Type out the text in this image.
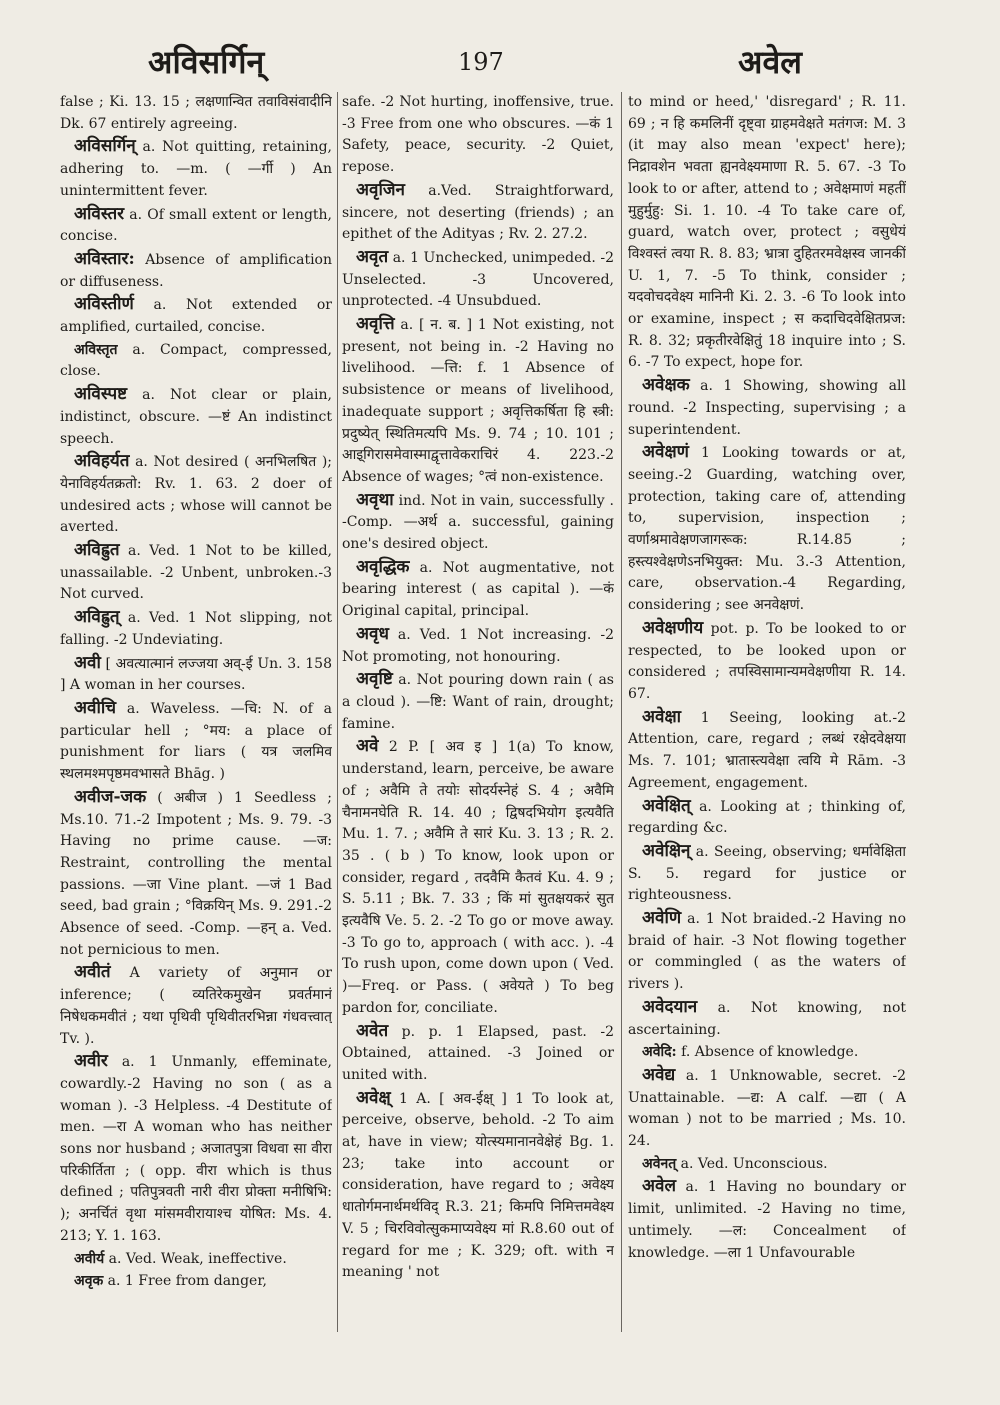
अविसर्गिन्	197	अवेल

false ; Ki. 13. 15 ; लक्षणान्वित तवाविसंवादीनि Dk. 67 entirely agreeing.

अविसर्गिन् a. Not quitting, retaining, adhering to. —m. ( —र्गी ) An unintermittent fever.

अविस्तर a. Of small extent or length, concise.

अविस्तार: Absence of amplification or diffuseness.

अविस्तीर्ण a. Not extended or amplified, curtailed, concise.

अविस्तृत a. Compact, compressed, close.

अविस्पष्ट a. Not clear or plain, indistinct, obscure. —ष्टं An indistinct speech.

अविहर्यत a. Not desired ( अनभिलषित ); येनाविहर्यतक्रतो: Rv. 1. 63. 2 doer of undesired acts ; whose will cannot be averted.

अविह्रुत a. Ved. 1 Not to be killed, unassailable. -2 Unbent, unbroken.-3 Not curved.

अविह्रुत् a. Ved. 1 Not slipping, not falling. -2 Undeviating.

अवी [ अवत्यात्मानं लज्जया अव्-ई Un. 3. 158 ] A woman in her courses.

अवीचि a. Waveless. —चि: N. of a particular hell ; °मय: a place of punishment for liars ( यत्र जलमिव स्थलमश्मपृष्ठमवभासते Bhāg. )

अवीज-जक ( अबीज ) 1 Seedless ; Ms.10. 71.-2 Impotent ; Ms. 9. 79. -3 Having no prime cause. —ज: Restraint, controlling the mental passions. —जा Vine plant. —जं 1 Bad seed, bad grain ; °विक्रयिन् Ms. 9. 291.-2 Absence of seed. -Comp. —हन् a. Ved. not pernicious to men.

अवीतं A variety of अनुमान or inference; ( व्यतिरेकमुखेन प्रवर्तमानं निषेधकमवीतं ; यथा पृथिवी पृथिवीतरभिन्ना गंधवत्त्वात् Tv. ).

अवीर a. 1 Unmanly, effeminate, cowardly.-2 Having no son ( as a woman ). -3 Helpless. -4 Destitute of men. —रा A woman who has neither sons nor husband ; अजातपुत्रा विधवा सा वीरा परिकीर्तिता ; ( opp. वीरा which is thus defined ; पतिपुत्रवती नारी वीरा प्रोक्ता मनीषिभि: ); अनर्चितं वृथा मांसमवीरायाश्च योषित: Ms. 4. 213; Y. 1. 163.

अवीर्य a. Ved. Weak, ineffective.

अवृक a. 1 Free from danger,

safe. -2 Not hurting, inoffensive, true. -3 Free from one who obscures. —कं 1 Safety, peace, security. -2 Quiet, repose.

अवृजिन a.Ved. Straightforward, sincere, not deserting (friends) ; an epithet of the Adityas ; Rv. 2. 27.2.

अवृत a. 1 Unchecked, unimpeded. -2 Unselected. -3 Uncovered, unprotected. -4 Unsubdued.

अवृत्ति a. [ न. ब. ] 1 Not existing, not present, not being in. -2 Having no livelihood. —त्ति: f. 1 Absence of subsistence or means of livelihood, inadequate support ; अवृत्तिकर्षिता हि स्त्री: प्रदुष्येत् स्थितिमत्यपि Ms. 9. 74 ; 10. 101 ; आइ्गिरासमेवास्माद्वृत्तावेकराचिरं 4. 223.-2 Absence of wages; °त्वं non-existence.

अवृथा ind. Not in vain, successfully . -Comp. —अर्थ a. successful, gaining one's desired object.

अवृद्धिक a. Not augmentative, not bearing interest ( as capital ). —कं Original capital, principal.

अवृध a. Ved. 1 Not increasing. -2 Not promoting, not honouring.

अवृष्टि a. Not pouring down rain ( as a cloud ). —ष्टि: Want of rain, drought; famine.

अवे 2 P. [ अव इ ] 1(a) To know, understand, learn, perceive, be aware of ; अवैमि ते तयोः सोदर्यस्नेहं S. 4 ; अवैमि चैनामनघेति R. 14. 40 ; द्विषदभियोग इत्यवैति Mu. 1. 7. ; अवैमि ते सारं Ku. 3. 13 ; R. 2. 35 . ( b ) To know, look upon or consider, regard , तदवैमि कैतवं Ku. 4. 9 ; S. 5.11 ; Bk. 7. 33 ; किं मां सुतक्षयकरं सुत इत्यवैषि Ve. 5. 2. -2 To go or move away. -3 To go to, approach ( with acc. ). -4 To rush upon, come down upon ( Ved. )—Freq. or Pass. ( अवेयते ) To beg pardon for, conciliate.

अवेत p. p. 1 Elapsed, past. -2 Obtained, attained. -3 Joined or united with.

अवेक्ष् 1 A. [ अव-ईक्ष् ] 1 To look at, perceive, observe, behold. -2 To aim at, have in view; योत्स्यमानानवेक्षेहं Bg. 1. 23; take into account or consideration, have regard to ; अवेक्ष्य धातोर्गमनार्थमर्थविद् R.3. 21; किमपि निमित्तमवेक्ष्य V. 5 ; चिरविवोत्सुकमाप्यवेक्ष्य मां R.8.60 out of regard for me ; K. 329; oft. with न meaning ' not

to mind or heed,' 'disregard' ; R. 11. 69 ; न हि कमलिनीं दृष्ट्वा ग्राहमवेक्षते मतंगज: M. 3 (it may also mean 'expect' here); निद्रावशेन भवता ह्यनवेक्ष्यमाणा R. 5. 67. -3 To look to or after, attend to ; अवेक्षमाणं महतीं मुहुर्मुहु: Si. 1. 10. -4 To take care of, guard, watch over, protect ; वसुधेयं विश्वस्तं त्वया R. 8. 83; भ्रात्रा दुहितरमवेक्षस्व जानकीं U. 1, 7. -5 To think, consider ; यदवोचदवेक्ष्य मानिनी Ki. 2. 3. -6 To look into or examine, inspect ; स कदाचिदवेक्षितप्रज: R. 8. 32; प्रकृतीरवेक्षितुं 18 inquire into ; S. 6. -7 To expect, hope for.

अवेक्षक a. 1 Showing, showing all round. -2 Inspecting, supervising ; a superintendent.

अवेक्षणं 1 Looking towards or at, seeing.-2 Guarding, watching over, protection, taking care of, attending to, supervision, inspection ; वर्णाश्रमावेक्षणजागरूक: R.14.85 ; हस्त्यश्वेक्षणेऽनभियुक्त: Mu. 3.-3 Attention, care, observation.-4 Regarding, considering ; see अनवेक्षणं.

अवेक्षणीय pot. p. To be looked to or respected, to be looked upon or considered ; तपस्विसामान्यमवेक्षणीया R. 14. 67.

अवेक्षा 1 Seeing, looking at.-2 Attention, care, regard ; लब्धं रक्षेदवेक्षया Ms. 7. 101; भ्रातास्त्यवेक्षा त्वयि मे Rām. -3 Agreement, engagement.

अवेक्षित् a. Looking at ; thinking of, regarding &c.

अवेक्षिन् a. Seeing, observing; धर्मावेक्षिता S. 5. regard for justice or righteousness.

अवेणि a. 1 Not braided.-2 Having no braid of hair. -3 Not flowing together or commingled ( as the waters of rivers ).

अवेदयान a. Not knowing, not ascertaining.

अवेदि: f. Absence of knowledge.

अवेद्य a. 1 Unknowable, secret. -2 Unattainable. —द्य: A calf. —द्या ( A woman ) not to be married ; Ms. 10. 24.

अवेनत् a. Ved. Unconscious.

अवेल a. 1 Having no boundary or limit, unlimited. -2 Having no time, untimely. —ल: Concealment of knowledge. —ला 1 Unfavourable
